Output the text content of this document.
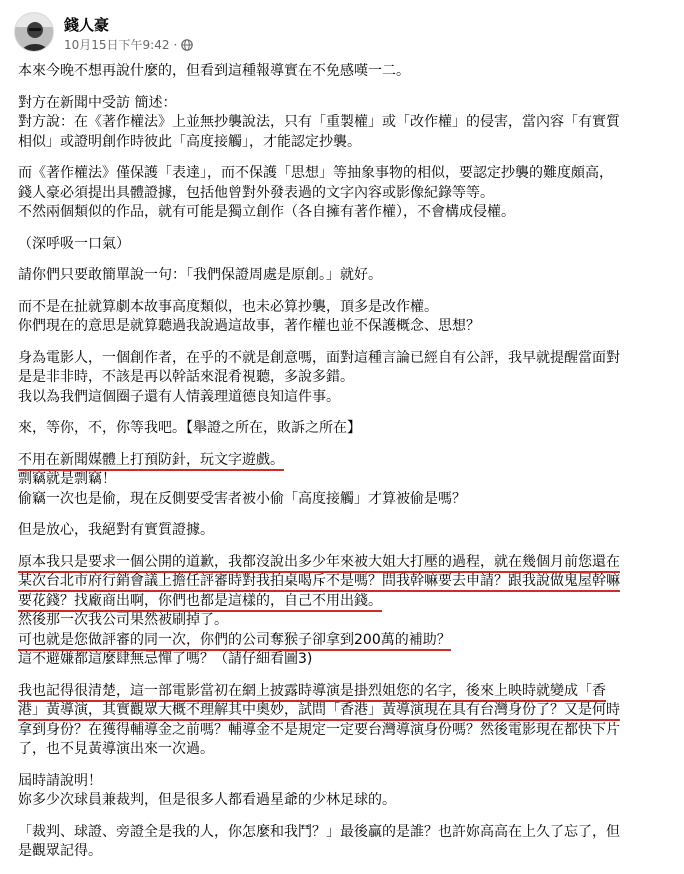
錢人豪
10月15日下午9:42 ·

本來今晚不想再說什麼的，但看到這種報導實在不免感嘆一二。

對方在新聞中受訪 簡述：
對方說：在《著作權法》上並無抄襲說法，只有「重製權」或「改作權」的侵害，當內容「有實質
相似」或證明創作時彼此「高度接觸」，才能認定抄襲。

而《著作權法》僅保護「表達」，而不保護「思想」等抽象事物的相似，要認定抄襲的難度頗高，
錢人豪必須提出具體證據，包括他曾對外發表過的文字內容或影像紀錄等等。
不然兩個類似的作品，就有可能是獨立創作（各自擁有著作權），不會構成侵權。

（深呼吸一口氣）

請你們只要敢簡單說一句：「我們保證周處是原創。」就好。

而不是在扯就算劇本故事高度類似，也未必算抄襲，頂多是改作權。
你們現在的意思是就算聽過我說過這故事，著作權也並不保護概念、思想？

身為電影人，一個創作者，在乎的不就是創意嗎，面對這種言論已經自有公評，我早就提醒當面對
是是非非時，不該是再以幹話來混肴視聽，多說多錯。
我以為我們這個圈子還有人情義理道德良知這件事。

來，等你，不，你等我吧。【舉證之所在，敗訴之所在】

不用在新聞媒體上打預防針，玩文字遊戲。
剽竊就是剽竊！
偷竊一次也是偷，現在反側要受害者被小偷「高度接觸」才算被偷是嗎？

但是放心，我絕對有實質證據。

原本我只是要求一個公開的道歉，我都沒說出多少年來被大姐大打壓的過程，就在幾個月前您還在
某次台北市府行銷會議上擔任評審時對我拍桌喝斥不是嗎？問我幹嘛要去申請？跟我說做鬼屋幹嘛
要花錢？找廠商出啊，你們也都是這樣的，自己不用出錢。
然後那一次我公司果然被刷掉了。
可也就是您做評審的同一次，你們的公司奪猴子卻拿到200萬的補助？
這不避嫌都這麼肆無忌憚了嗎？（請仔細看圖3)

我也記得很清楚，這一部電影當初在網上披露時導演是掛烈姐您的名字，後來上映時就變成「香
港」黃導演，其實觀眾大概不理解其中奧妙，試問「香港」黃導演現在具有台灣身份了？又是何時
拿到身份？在獲得輔導金之前嗎？輔導金不是規定一定要台灣導演身份嗎？然後電影現在都快下片
了，也不見黃導演出來一次過。

屆時請說明！
妳多少次球員兼裁判，但是很多人都看過星爺的少林足球的。

「裁判、球證、旁證全是我的人，你怎麼和我鬥？」最後贏的是誰？也許妳高高在上久了忘了，但
是觀眾記得。
